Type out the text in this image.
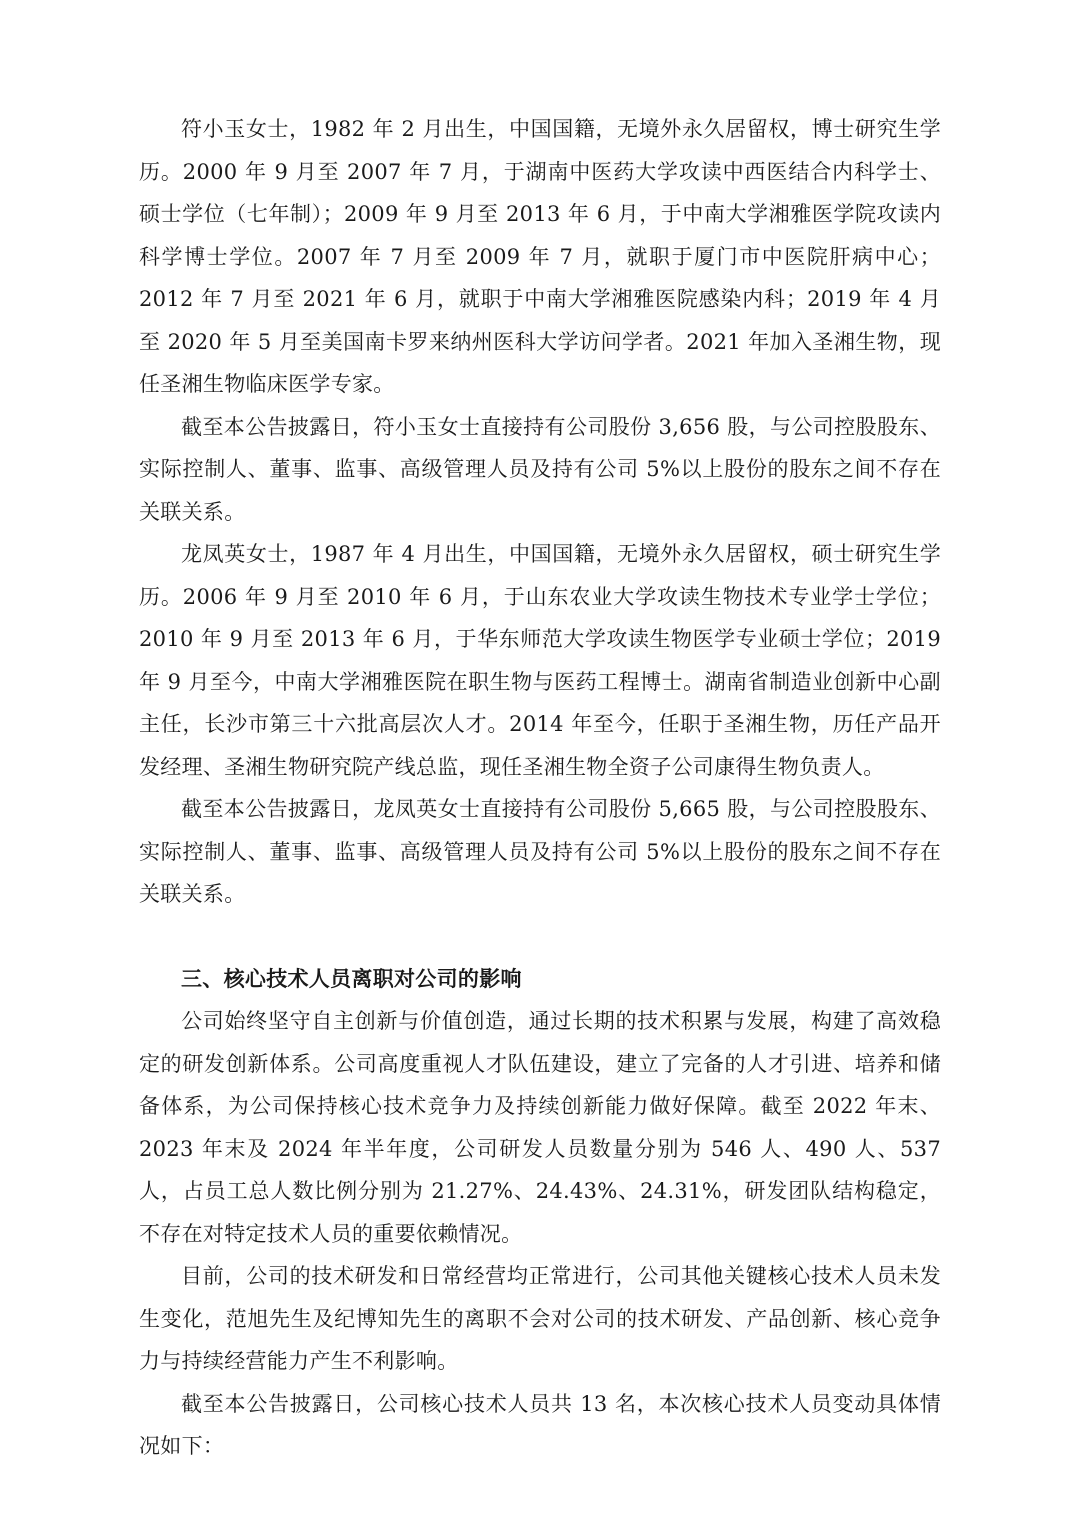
符小玉女士，1982 年 2 月出生，中国国籍，无境外永久居留权，博士研究生学历。2000 年 9 月至 2007 年 7 月，于湖南中医药大学攻读中西医结合内科学士、硕士学位（七年制）；2009 年 9 月至 2013 年 6 月，于中南大学湘雅医学院攻读内科学博士学位。2007 年 7 月至 2009 年 7 月，就职于厦门市中医院肝病中心；2012 年 7 月至 2021 年 6 月，就职于中南大学湘雅医院感染内科；2019 年 4 月至 2020 年 5 月至美国南卡罗来纳州医科大学访问学者。2021 年加入圣湘生物，现任圣湘生物临床医学专家。

截至本公告披露日，符小玉女士直接持有公司股份 3,656 股，与公司控股股东、实际控制人、董事、监事、高级管理人员及持有公司 5%以上股份的股东之间不存在关联关系。

龙凤英女士，1987 年 4 月出生，中国国籍，无境外永久居留权，硕士研究生学历。2006 年 9 月至 2010 年 6 月，于山东农业大学攻读生物技术专业学士学位；2010 年 9 月至 2013 年 6 月，于华东师范大学攻读生物医学专业硕士学位；2019 年 9 月至今，中南大学湘雅医院在职生物与医药工程博士。湖南省制造业创新中心副主任，长沙市第三十六批高层次人才。2014 年至今，任职于圣湘生物，历任产品开发经理、圣湘生物研究院产线总监，现任圣湘生物全资子公司康得生物负责人。

截至本公告披露日，龙凤英女士直接持有公司股份 5,665 股，与公司控股股东、实际控制人、董事、监事、高级管理人员及持有公司 5%以上股份的股东之间不存在关联关系。

三、核心技术人员离职对公司的影响

公司始终坚守自主创新与价值创造，通过长期的技术积累与发展，构建了高效稳定的研发创新体系。公司高度重视人才队伍建设，建立了完备的人才引进、培养和储备体系，为公司保持核心技术竞争力及持续创新能力做好保障。截至 2022 年末、2023 年末及 2024 年半年度，公司研发人员数量分别为 546 人、490 人、537 人，占员工总人数比例分别为 21.27%、24.43%、24.31%，研发团队结构稳定，不存在对特定技术人员的重要依赖情况。

目前，公司的技术研发和日常经营均正常进行，公司其他关键核心技术人员未发生变化，范旭先生及纪博知先生的离职不会对公司的技术研发、产品创新、核心竞争力与持续经营能力产生不利影响。

截至本公告披露日，公司核心技术人员共 13 名，本次核心技术人员变动具体情况如下：
